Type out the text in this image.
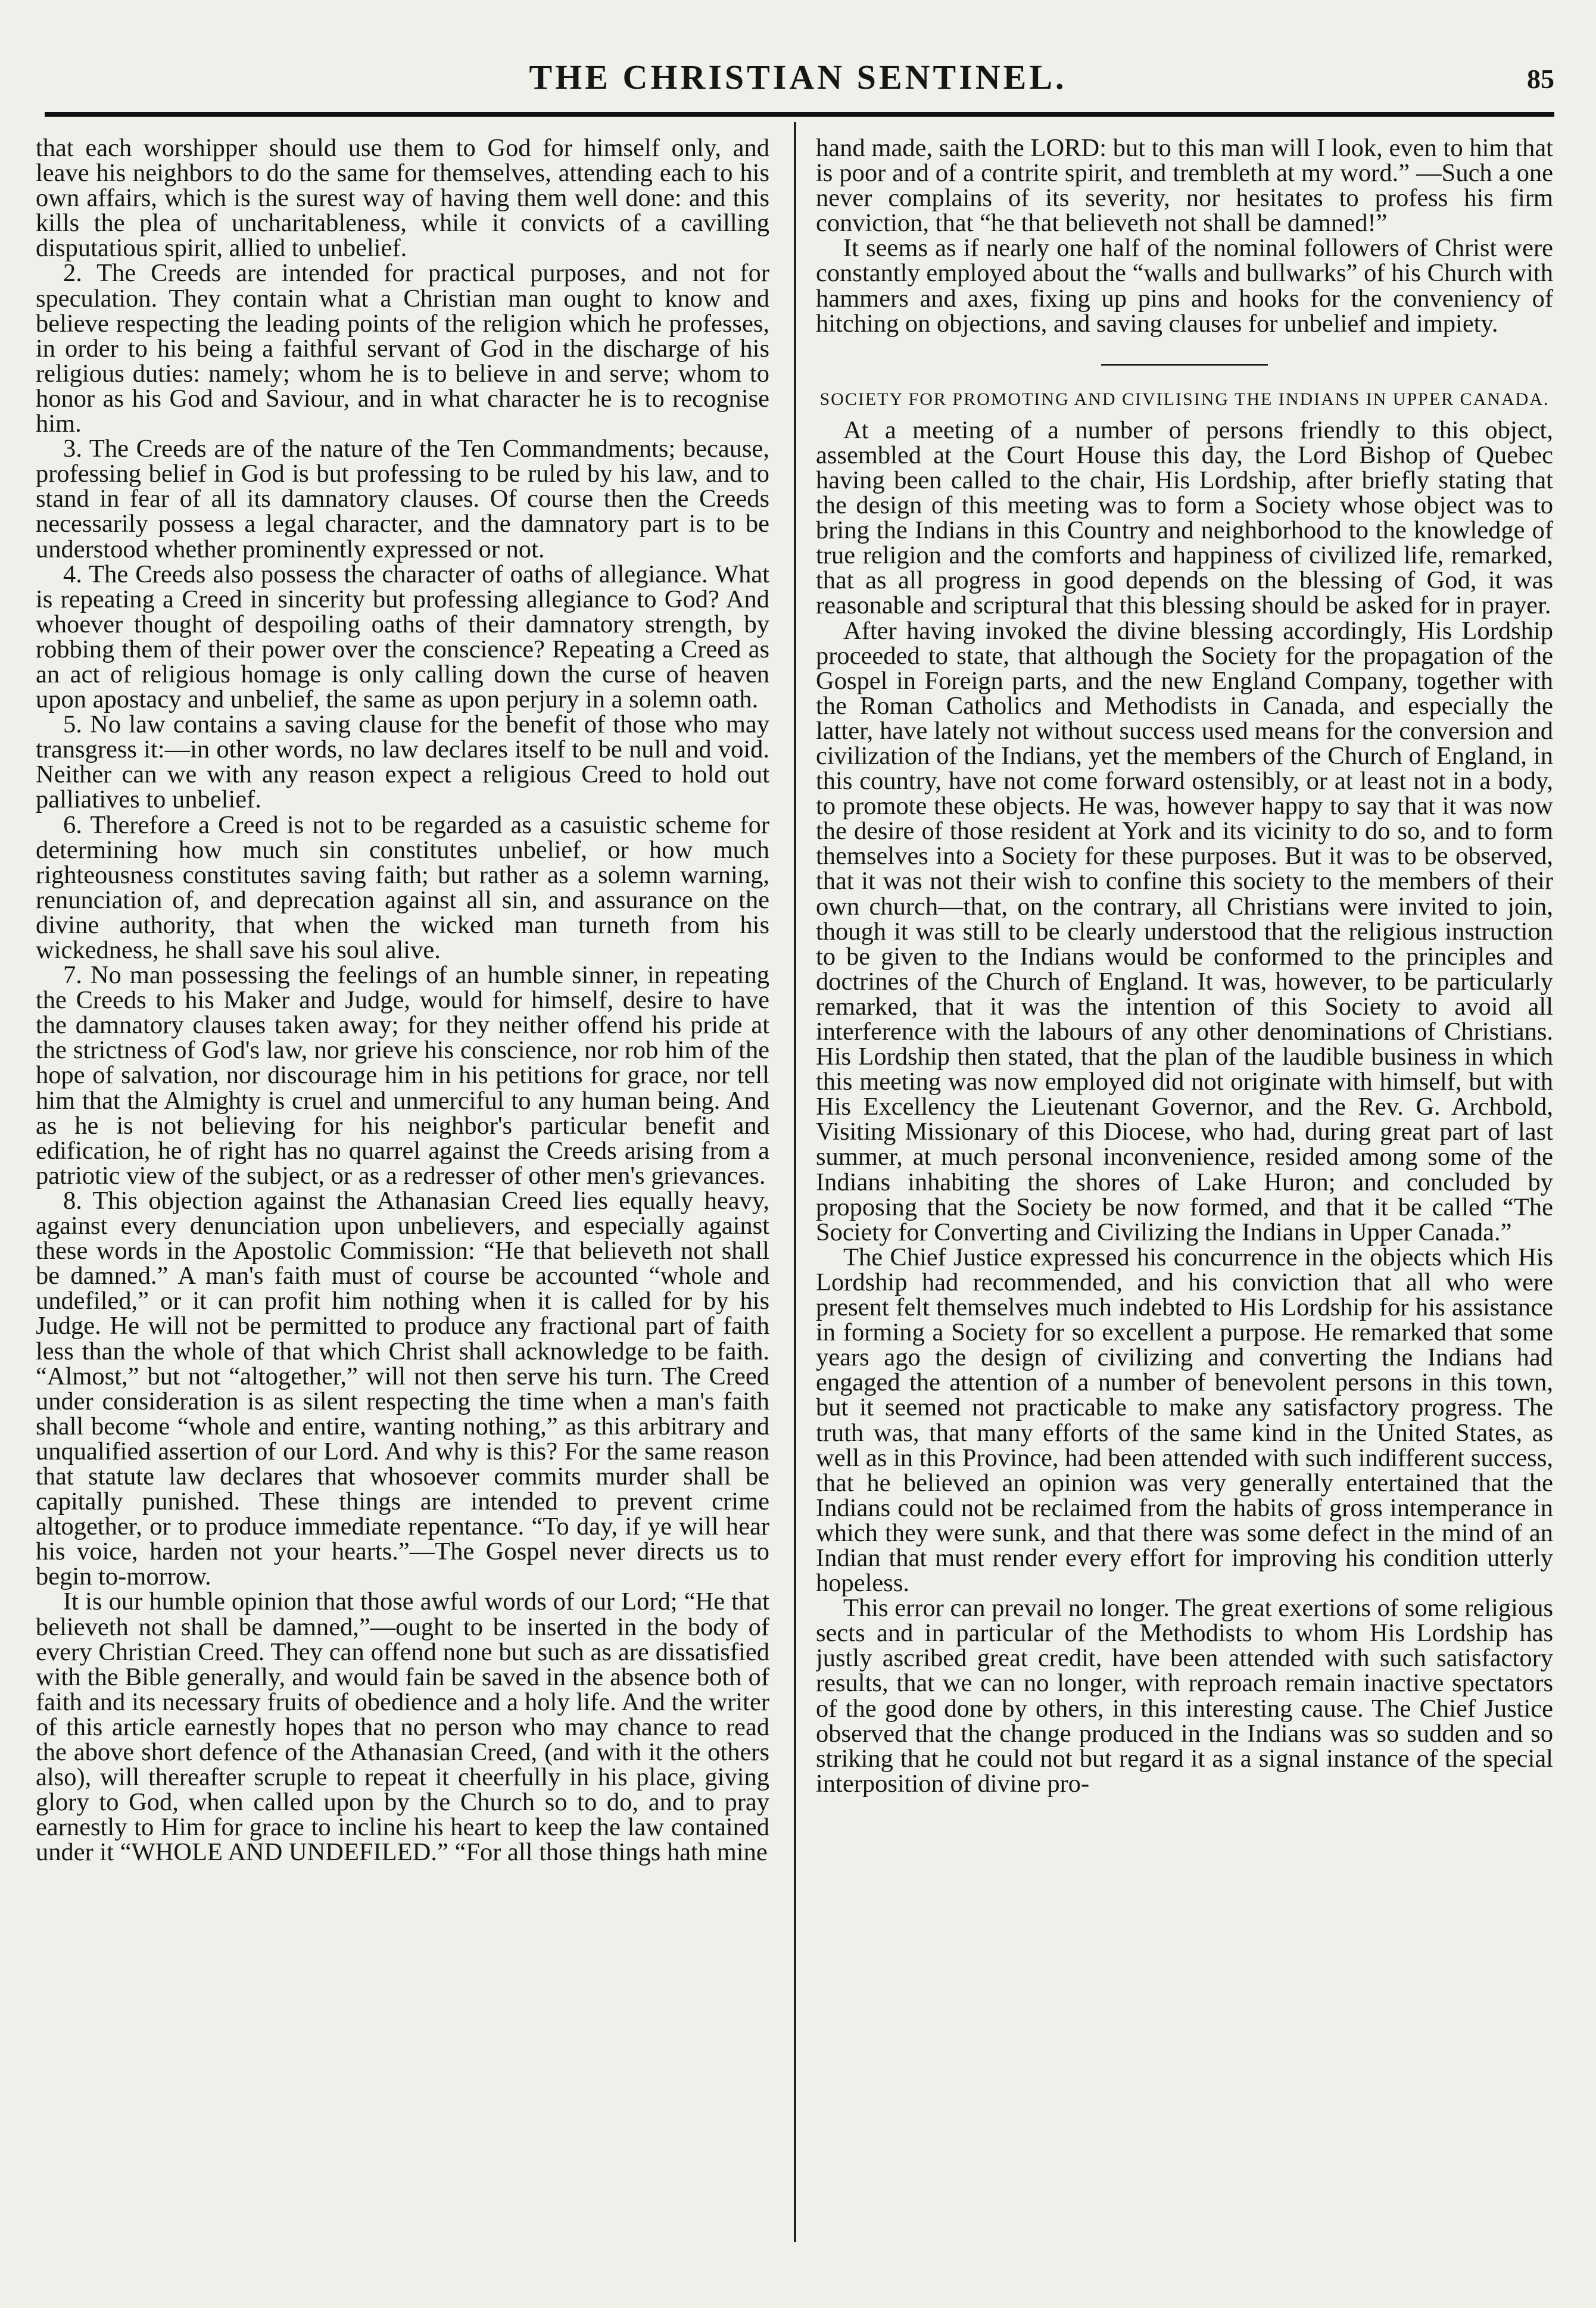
THE CHRISTIAN SENTINEL.	85

that each worshipper should use them to God for himself only, and leave his neighbors to do the same for themselves, attending each to his own affairs, which is the surest way of having them well done: and this kills the plea of uncharitableness, while it convicts of a cavilling disputatious spirit, allied to unbelief.

2. The Creeds are intended for practical purposes, and not for speculation. They contain what a Christian man ought to know and believe respecting the leading points of the religion which he professes, in order to his being a faithful servant of God in the discharge of his religious duties: namely; whom he is to believe in and serve; whom to honor as his God and Saviour, and in what character he is to recognise him.

3. The Creeds are of the nature of the Ten Commandments; because, professing belief in God is but professing to be ruled by his law, and to stand in fear of all its damnatory clauses. Of course then the Creeds necessarily possess a legal character, and the damnatory part is to be understood whether prominently expressed or not.

4. The Creeds also possess the character of oaths of allegiance. What is repeating a Creed in sincerity but professing allegiance to God? And whoever thought of despoiling oaths of their damnatory strength, by robbing them of their power over the conscience? Repeating a Creed as an act of religious homage is only calling down the curse of heaven upon apostacy and unbelief, the same as upon perjury in a solemn oath.

5. No law contains a saving clause for the benefit of those who may transgress it:—in other words, no law declares itself to be null and void. Neither can we with any reason expect a religious Creed to hold out palliatives to unbelief.

6. Therefore a Creed is not to be regarded as a casuistic scheme for determining how much sin constitutes unbelief, or how much righteousness constitutes saving faith; but rather as a solemn warning, renunciation of, and deprecation against all sin, and assurance on the divine authority, that when the wicked man turneth from his wickedness, he shall save his soul alive.

7. No man possessing the feelings of an humble sinner, in repeating the Creeds to his Maker and Judge, would for himself, desire to have the damnatory clauses taken away; for they neither offend his pride at the strictness of God's law, nor grieve his conscience, nor rob him of the hope of salvation, nor discourage him in his petitions for grace, nor tell him that the Almighty is cruel and unmerciful to any human being. And as he is not believing for his neighbor's particular benefit and edification, he of right has no quarrel against the Creeds arising from a patriotic view of the subject, or as a redresser of other men's grievances.

8. This objection against the Athanasian Creed lies equally heavy, against every denunciation upon unbelievers, and especially against these words in the Apostolic Commission: “He that believeth not shall be damned.” A man's faith must of course be accounted “whole and undefiled,” or it can profit him nothing when it is called for by his Judge. He will not be permitted to produce any fractional part of faith less than the whole of that which Christ shall acknowledge to be faith. “Almost,” but not “altogether,” will not then serve his turn. The Creed under consideration is as silent respecting the time when a man's faith shall become “whole and entire, wanting nothing,” as this arbitrary and unqualified assertion of our Lord. And why is this? For the same reason that statute law declares that whosoever commits murder shall be capitally punished. These things are intended to prevent crime altogether, or to produce immediate repentance. “To day, if ye will hear his voice, harden not your hearts.”—The Gospel never directs us to begin to-morrow.

It is our humble opinion that those awful words of our Lord; “He that believeth not shall be damned,”—ought to be inserted in the body of every Christian Creed. They can offend none but such as are dissatisfied with the Bible generally, and would fain be saved in the absence both of faith and its necessary fruits of obedience and a holy life. And the writer of this article earnestly hopes that no person who may chance to read the above short defence of the Athanasian Creed, (and with it the others also), will thereafter scruple to repeat it cheerfully in his place, giving glory to God, when called upon by the Church so to do, and to pray earnestly to Him for grace to incline his heart to keep the law contained under it “WHOLE AND UNDEFILED.” “For all those things hath mine

hand made, saith the LORD: but to this man will I look, even to him that is poor and of a contrite spirit, and trembleth at my word.” —Such a one never complains of its severity, nor hesitates to profess his firm conviction, that “he that believeth not shall be damned!”

It seems as if nearly one half of the nominal followers of Christ were constantly employed about the “walls and bullwarks” of his Church with hammers and axes, fixing up pins and hooks for the conveniency of hitching on objections, and saving clauses for unbelief and impiety.

SOCIETY FOR PROMOTING AND CIVILISING THE INDIANS IN UPPER CANADA.

At a meeting of a number of persons friendly to this object, assembled at the Court House this day, the Lord Bishop of Quebec having been called to the chair, His Lordship, after briefly stating that the design of this meeting was to form a Society whose object was to bring the Indians in this Country and neighborhood to the knowledge of true religion and the comforts and happiness of civilized life, remarked, that as all progress in good depends on the blessing of God, it was reasonable and scriptural that this blessing should be asked for in prayer.

After having invoked the divine blessing accordingly, His Lordship proceeded to state, that although the Society for the propagation of the Gospel in Foreign parts, and the new England Company, together with the Roman Catholics and Methodists in Canada, and especially the latter, have lately not without success used means for the conversion and civilization of the Indians, yet the members of the Church of England, in this country, have not come forward ostensibly, or at least not in a body, to promote these objects. He was, however happy to say that it was now the desire of those resident at York and its vicinity to do so, and to form themselves into a Society for these purposes. But it was to be observed, that it was not their wish to confine this society to the members of their own church—that, on the contrary, all Christians were invited to join, though it was still to be clearly understood that the religious instruction to be given to the Indians would be conformed to the principles and doctrines of the Church of England. It was, however, to be particularly remarked, that it was the intention of this Society to avoid all interference with the labours of any other denominations of Christians. His Lordship then stated, that the plan of the laudible business in which this meeting was now employed did not originate with himself, but with His Excellency the Lieutenant Governor, and the Rev. G. Archbold, Visiting Missionary of this Diocese, who had, during great part of last summer, at much personal inconvenience, resided among some of the Indians inhabiting the shores of Lake Huron; and concluded by proposing that the Society be now formed, and that it be called “The Society for Converting and Civilizing the Indians in Upper Canada.”

The Chief Justice expressed his concurrence in the objects which His Lordship had recommended, and his conviction that all who were present felt themselves much indebted to His Lordship for his assistance in forming a Society for so excellent a purpose. He remarked that some years ago the design of civilizing and converting the Indians had engaged the attention of a number of benevolent persons in this town, but it seemed not practicable to make any satisfactory progress. The truth was, that many efforts of the same kind in the United States, as well as in this Province, had been attended with such indifferent success, that he believed an opinion was very generally entertained that the Indians could not be reclaimed from the habits of gross intemperance in which they were sunk, and that there was some defect in the mind of an Indian that must render every effort for improving his condition utterly hopeless.

This error can prevail no longer. The great exertions of some religious sects and in particular of the Methodists to whom His Lordship has justly ascribed great credit, have been attended with such satisfactory results, that we can no longer, with reproach remain inactive spectators of the good done by others, in this interesting cause. The Chief Justice observed that the change produced in the Indians was so sudden and so striking that he could not but regard it as a signal instance of the special interposition of divine pro-
